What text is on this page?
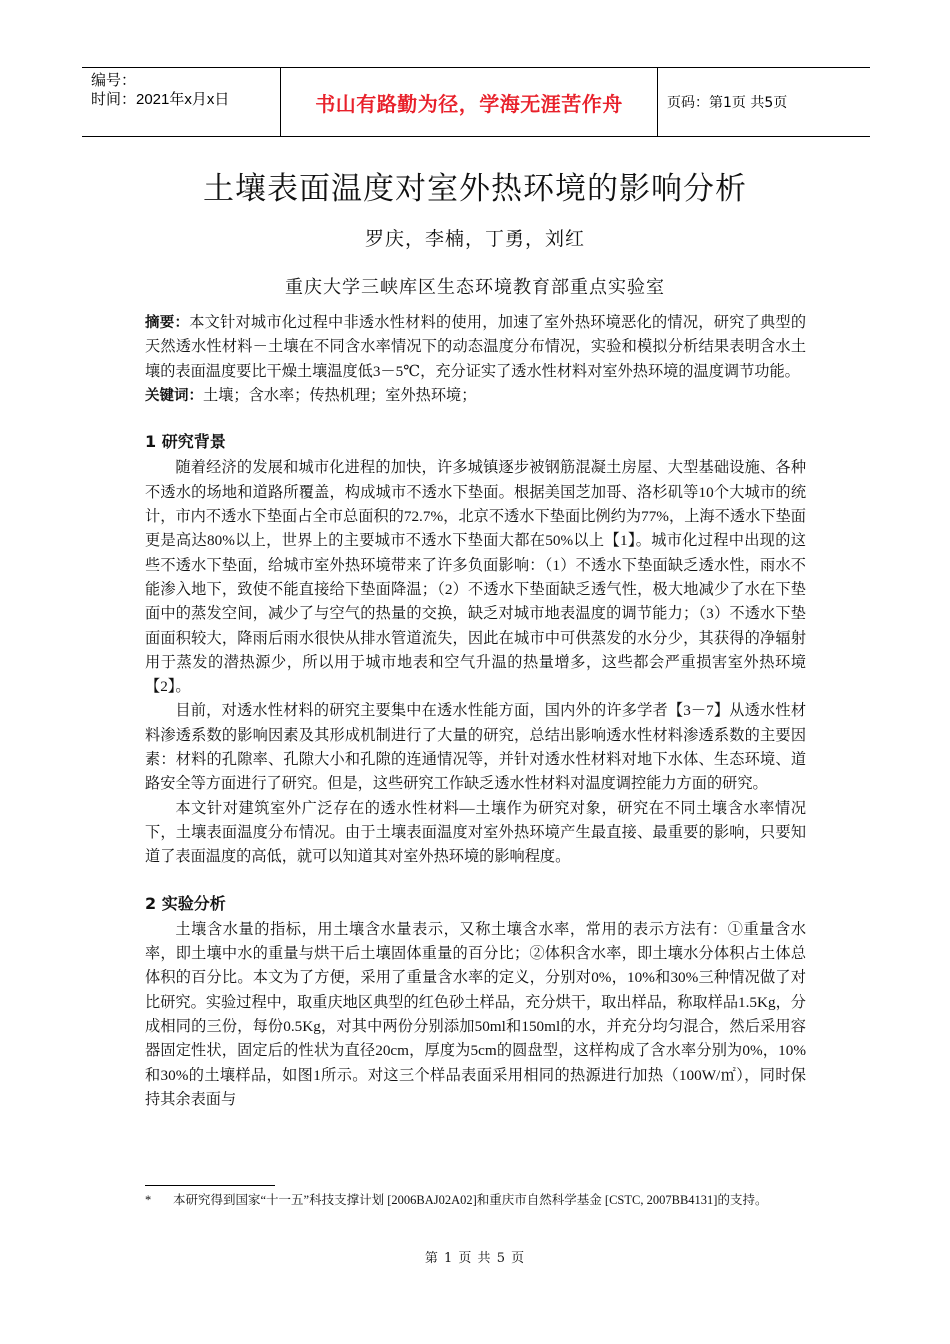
编号：
时间：2021年x月x日	书山有路勤为径，学海无涯苦作舟	页码：第1页 共5页
土壤表面温度对室外热环境的影响分析
罗庆，李楠，丁勇，刘红
重庆大学三峡库区生态环境教育部重点实验室

摘要：本文针对城市化过程中非透水性材料的使用，加速了室外热环境恶化的情况，研究了典型的天然透水性材料－土壤在不同含水率情况下的动态温度分布情况，实验和模拟分析结果表明含水土壤的表面温度要比干燥土壤温度低3－5℃，充分证实了透水性材料对室外热环境的温度调节功能。

关键词：土壤；含水率；传热机理；室外热环境；

1 研究背景

随着经济的发展和城市化进程的加快，许多城镇逐步被钢筋混凝土房屋、大型基础设施、各种不透水的场地和道路所覆盖，构成城市不透水下垫面。根据美国芝加哥、洛杉矶等10个大城市的统计，市内不透水下垫面占全市总面积的72.7%，北京不透水下垫面比例约为77%，上海不透水下垫面更是高达80%以上，世界上的主要城市不透水下垫面大都在50%以上【1】。城市化过程中出现的这些不透水下垫面，给城市室外热环境带来了许多负面影响：（1）不透水下垫面缺乏透水性，雨水不能渗入地下，致使不能直接给下垫面降温；（2）不透水下垫面缺乏透气性，极大地减少了水在下垫面中的蒸发空间，减少了与空气的热量的交换，缺乏对城市地表温度的调节能力；（3）不透水下垫面面积较大，降雨后雨水很快从排水管道流失，因此在城市中可供蒸发的水分少，其获得的净辐射用于蒸发的潜热源少，所以用于城市地表和空气升温的热量增多，这些都会严重损害室外热环境【2】。

目前，对透水性材料的研究主要集中在透水性能方面，国内外的许多学者【3－7】从透水性材料渗透系数的影响因素及其形成机制进行了大量的研究，总结出影响透水性材料渗透系数的主要因素：材料的孔隙率、孔隙大小和孔隙的连通情况等，并针对透水性材料对地下水体、生态环境、道路安全等方面进行了研究。但是，这些研究工作缺乏透水性材料对温度调控能力方面的研究。

本文针对建筑室外广泛存在的透水性材料—土壤作为研究对象，研究在不同土壤含水率情况下，土壤表面温度分布情况。由于土壤表面温度对室外热环境产生最直接、最重要的影响，只要知道了表面温度的高低，就可以知道其对室外热环境的影响程度。

2 实验分析

土壤含水量的指标，用土壤含水量表示，又称土壤含水率，常用的表示方法有：①重量含水率，即土壤中水的重量与烘干后土壤固体重量的百分比；②体积含水率，即土壤水分体积占土体总体积的百分比。本文为了方便，采用了重量含水率的定义，分别对0%，10%和30%三种情况做了对比研究。实验过程中，取重庆地区典型的红色砂土样品，充分烘干，取出样品，称取样品1.5Kg，分成相同的三份，每份0.5Kg，对其中两份分别添加50ml和150ml的水，并充分均匀混合，然后采用容器固定性状，固定后的性状为直径20cm，厚度为5cm的圆盘型，这样构成了含水率分别为0%，10%和30%的土壤样品，如图1所示。对这三个样品表面采用相同的热源进行加热（100W/㎡），同时保持其余表面与

*	本研究得到国家“十一五”科技支撑计划 [2006BAJ02A02]和重庆市自然科学基金 [CSTC, 2007BB4131]的支持。
第 1 页 共 5 页
